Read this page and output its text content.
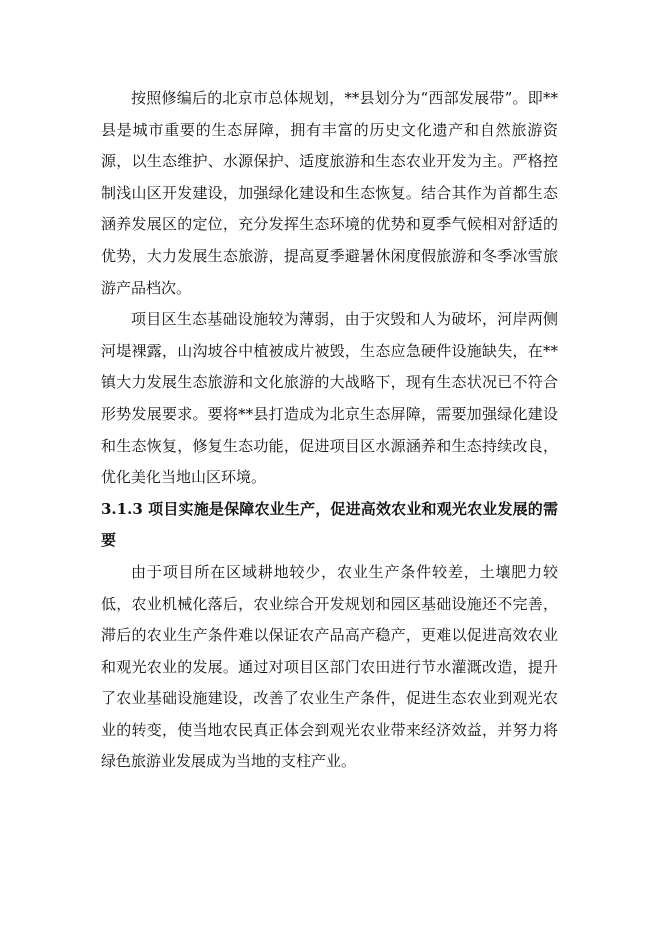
按照修编后的北京市总体规划，**县划分为“西部发展带”。即**县是城市重要的生态屏障，拥有丰富的历史文化遗产和自然旅游资源，以生态维护、水源保护、适度旅游和生态农业开发为主。严格控制浅山区开发建设，加强绿化建设和生态恢复。结合其作为首都生态涵养发展区的定位，充分发挥生态环境的优势和夏季气候相对舒适的优势，大力发展生态旅游，提高夏季避暑休闲度假旅游和冬季冰雪旅游产品档次。

项目区生态基础设施较为薄弱，由于灾毁和人为破坏，河岸两侧河堤裸露，山沟坡谷中植被成片被毁，生态应急硬件设施缺失，在**镇大力发展生态旅游和文化旅游的大战略下，现有生态状况已不符合形势发展要求。要将**县打造成为北京生态屏障，需要加强绿化建设和生态恢复，修复生态功能，促进项目区水源涵养和生态持续改良，优化美化当地山区环境。

3.1.3 项目实施是保障农业生产，促进高效农业和观光农业发展的需要

由于项目所在区域耕地较少，农业生产条件较差，土壤肥力较低，农业机械化落后，农业综合开发规划和园区基础设施还不完善，滞后的农业生产条件难以保证农产品高产稳产，更难以促进高效农业和观光农业的发展。通过对项目区部门农田进行节水灌溉改造，提升了农业基础设施建设，改善了农业生产条件，促进生态农业到观光农业的转变，使当地农民真正体会到观光农业带来经济效益，并努力将绿色旅游业发展成为当地的支柱产业。
